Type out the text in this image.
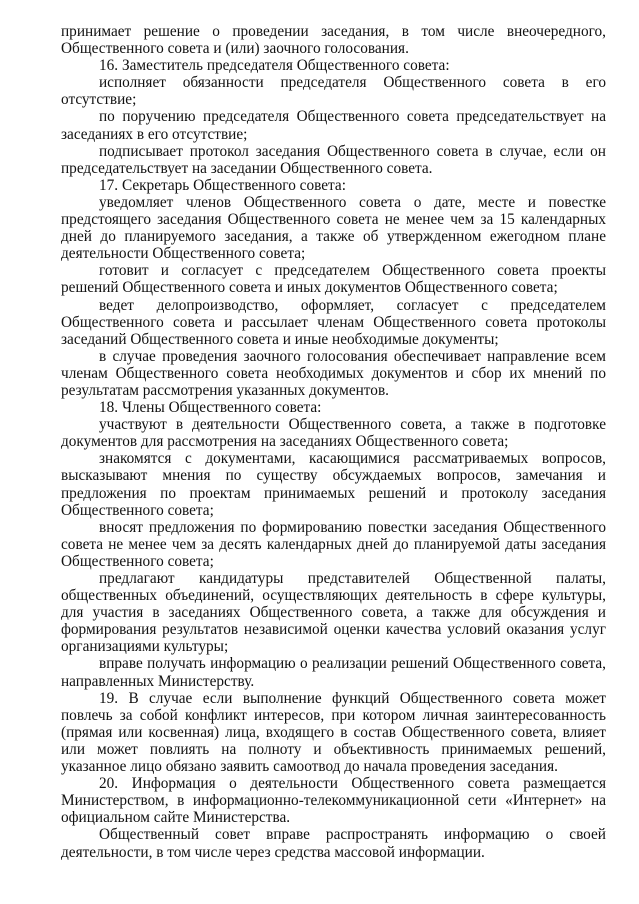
принимает решение о проведении заседания, в том числе внеочередного, Общественного совета и (или) заочного голосования.

16. Заместитель председателя Общественного совета:

исполняет обязанности председателя Общественного совета в его отсутствие;

по поручению председателя Общественного совета председательствует на заседаниях в его отсутствие;

подписывает протокол заседания Общественного совета в случае, если он председательствует на заседании Общественного совета.

17. Секретарь Общественного совета:

уведомляет членов Общественного совета о дате, месте и повестке предстоящего заседания Общественного совета не менее чем за 15 календарных дней до планируемого заседания, а также об утвержденном ежегодном плане деятельности Общественного совета;

готовит и согласует с председателем Общественного совета проекты решений Общественного совета и иных документов Общественного совета;

ведет делопроизводство, оформляет, согласует с председателем Общественного совета и рассылает членам Общественного совета протоколы заседаний Общественного совета и иные необходимые документы;

в случае проведения заочного голосования обеспечивает направление всем членам Общественного совета необходимых документов и сбор их мнений по результатам рассмотрения указанных документов.

18. Члены Общественного совета:

участвуют в деятельности Общественного совета, а также в подготовке документов для рассмотрения на заседаниях Общественного совета;

знакомятся с документами, касающимися рассматриваемых вопросов, высказывают мнения по существу обсуждаемых вопросов, замечания и предложения по проектам принимаемых решений и протоколу заседания Общественного совета;

вносят предложения по формированию повестки заседания Общественного совета не менее чем за десять календарных дней до планируемой даты заседания Общественного совета;

предлагают кандидатуры представителей Общественной палаты, общественных объединений, осуществляющих деятельность в сфере культуры, для участия в заседаниях Общественного совета, а также для обсуждения и формирования результатов независимой оценки качества условий оказания услуг организациями культуры;

вправе получать информацию о реализации решений Общественного совета, направленных Министерству.

19. В случае если выполнение функций Общественного совета может повлечь за собой конфликт интересов, при котором личная заинтересованность (прямая или косвенная) лица, входящего в состав Общественного совета, влияет или может повлиять на полноту и объективность принимаемых решений, указанное лицо обязано заявить самоотвод до начала проведения заседания.

20. Информация о деятельности Общественного совета размещается Министерством, в информационно-телекоммуникационной сети «Интернет» на официальном сайте Министерства.

Общественный совет вправе распространять информацию о своей деятельности, в том числе через средства массовой информации.
